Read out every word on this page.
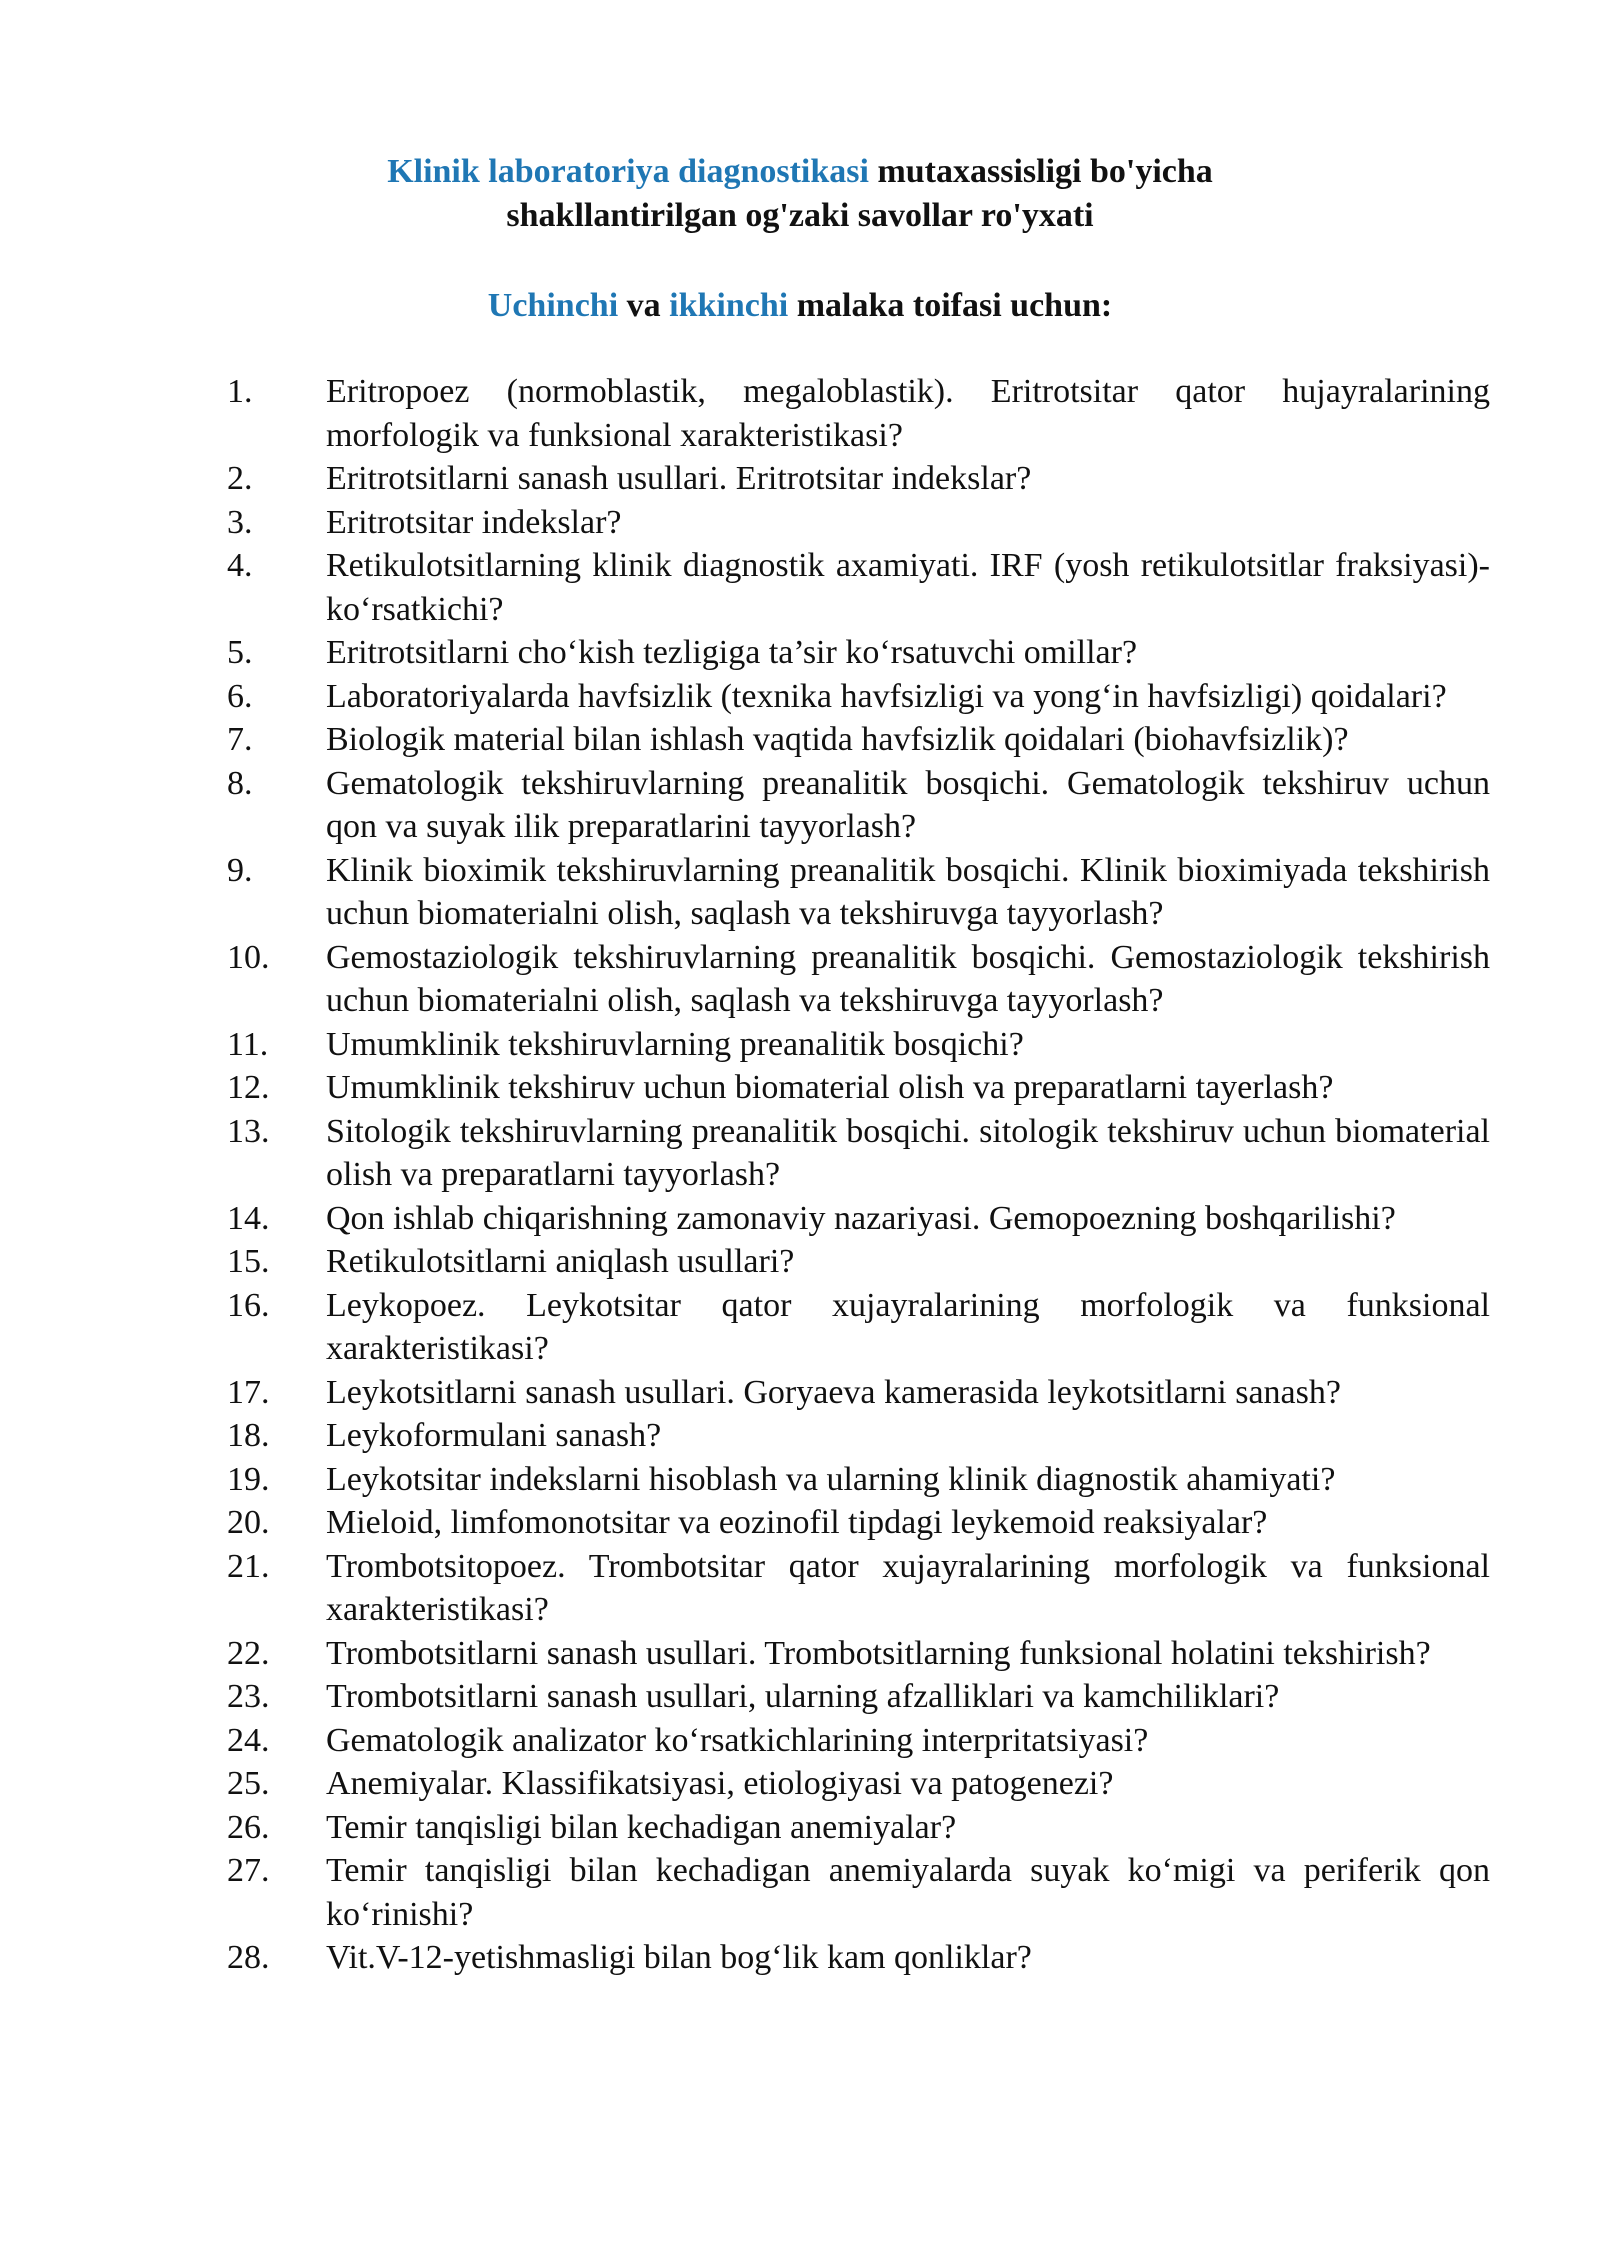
Klinik laboratoriya diagnostikasi mutaxassisligi bo'yicha
shakllantirilgan og'zaki savollar ro'yxati
Uchinchi va ikkinchi malaka toifasi uchun:
1.	Eritropoez (normoblastik, megaloblastik). Eritrotsitar qator hujayralarining morfologik va funksional xarakteristikasi?
2.	Eritrotsitlarni sanash usullari. Eritrotsitar indekslar?
3.	Eritrotsitar indekslar?
4.	Retikulotsitlarning klinik diagnostik axamiyati. IRF (yosh retikulotsitlar fraksiyasi)-ko‘rsatkichi?
5.	Eritrotsitlarni cho‘kish tezligiga ta’sir ko‘rsatuvchi omillar?
6.	Laboratoriyalarda havfsizlik (texnika havfsizligi va yong‘in havfsizligi) qoidalari?
7.	Biologik material bilan ishlash vaqtida havfsizlik qoidalari (biohavfsizlik)?
8.	Gematologik tekshiruvlarning preanalitik bosqichi. Gematologik tekshiruv uchun qon va suyak ilik preparatlarini tayyorlash?
9.	Klinik bioximik tekshiruvlarning preanalitik bosqichi. Klinik bioximiyada tekshirish uchun biomaterialni olish, saqlash va tekshiruvga tayyorlash?
10.	Gemostaziologik tekshiruvlarning preanalitik bosqichi. Gemostaziologik tekshirish uchun biomaterialni olish, saqlash va tekshiruvga tayyorlash?
11.	Umumklinik tekshiruvlarning preanalitik bosqichi?
12.	Umumklinik tekshiruv uchun biomaterial olish va preparatlarni tayerlash?
13.	Sitologik tekshiruvlarning preanalitik bosqichi. sitologik tekshiruv uchun biomaterial olish va preparatlarni tayyorlash?
14.	Qon ishlab chiqarishning zamonaviy nazariyasi. Gemopoezning boshqarilishi?
15.	Retikulotsitlarni aniqlash usullari?
16.	Leykopoez. Leykotsitar qator xujayralarining morfologik va funksional xarakteristikasi?
17.	Leykotsitlarni sanash usullari. Goryaeva kamerasida leykotsitlarni sanash?
18.	Leykoformulani sanash?
19.	Leykotsitar indekslarni hisoblash va ularning klinik diagnostik ahamiyati?
20.	Mieloid, limfomonotsitar va eozinofil tipdagi leykemoid reaksiyalar?
21.	Trombotsitopoez. Trombotsitar qator xujayralarining morfologik va funksional xarakteristikasi?
22.	Trombotsitlarni sanash usullari. Trombotsitlarning funksional holatini tekshirish?
23.	Trombotsitlarni sanash usullari, ularning afzalliklari va kamchiliklari?
24.	Gematologik analizator ko‘rsatkichlarining interpritatsiyasi?
25.	Anemiyalar. Klassifikatsiyasi, etiologiyasi va patogenezi?
26.	Temir tanqisligi bilan kechadigan anemiyalar?
27.	Temir tanqisligi bilan kechadigan anemiyalarda suyak ko‘migi va periferik qon ko‘rinishi?
28.	Vit.V-12-yetishmasligi bilan bog‘lik kam qonliklar?
